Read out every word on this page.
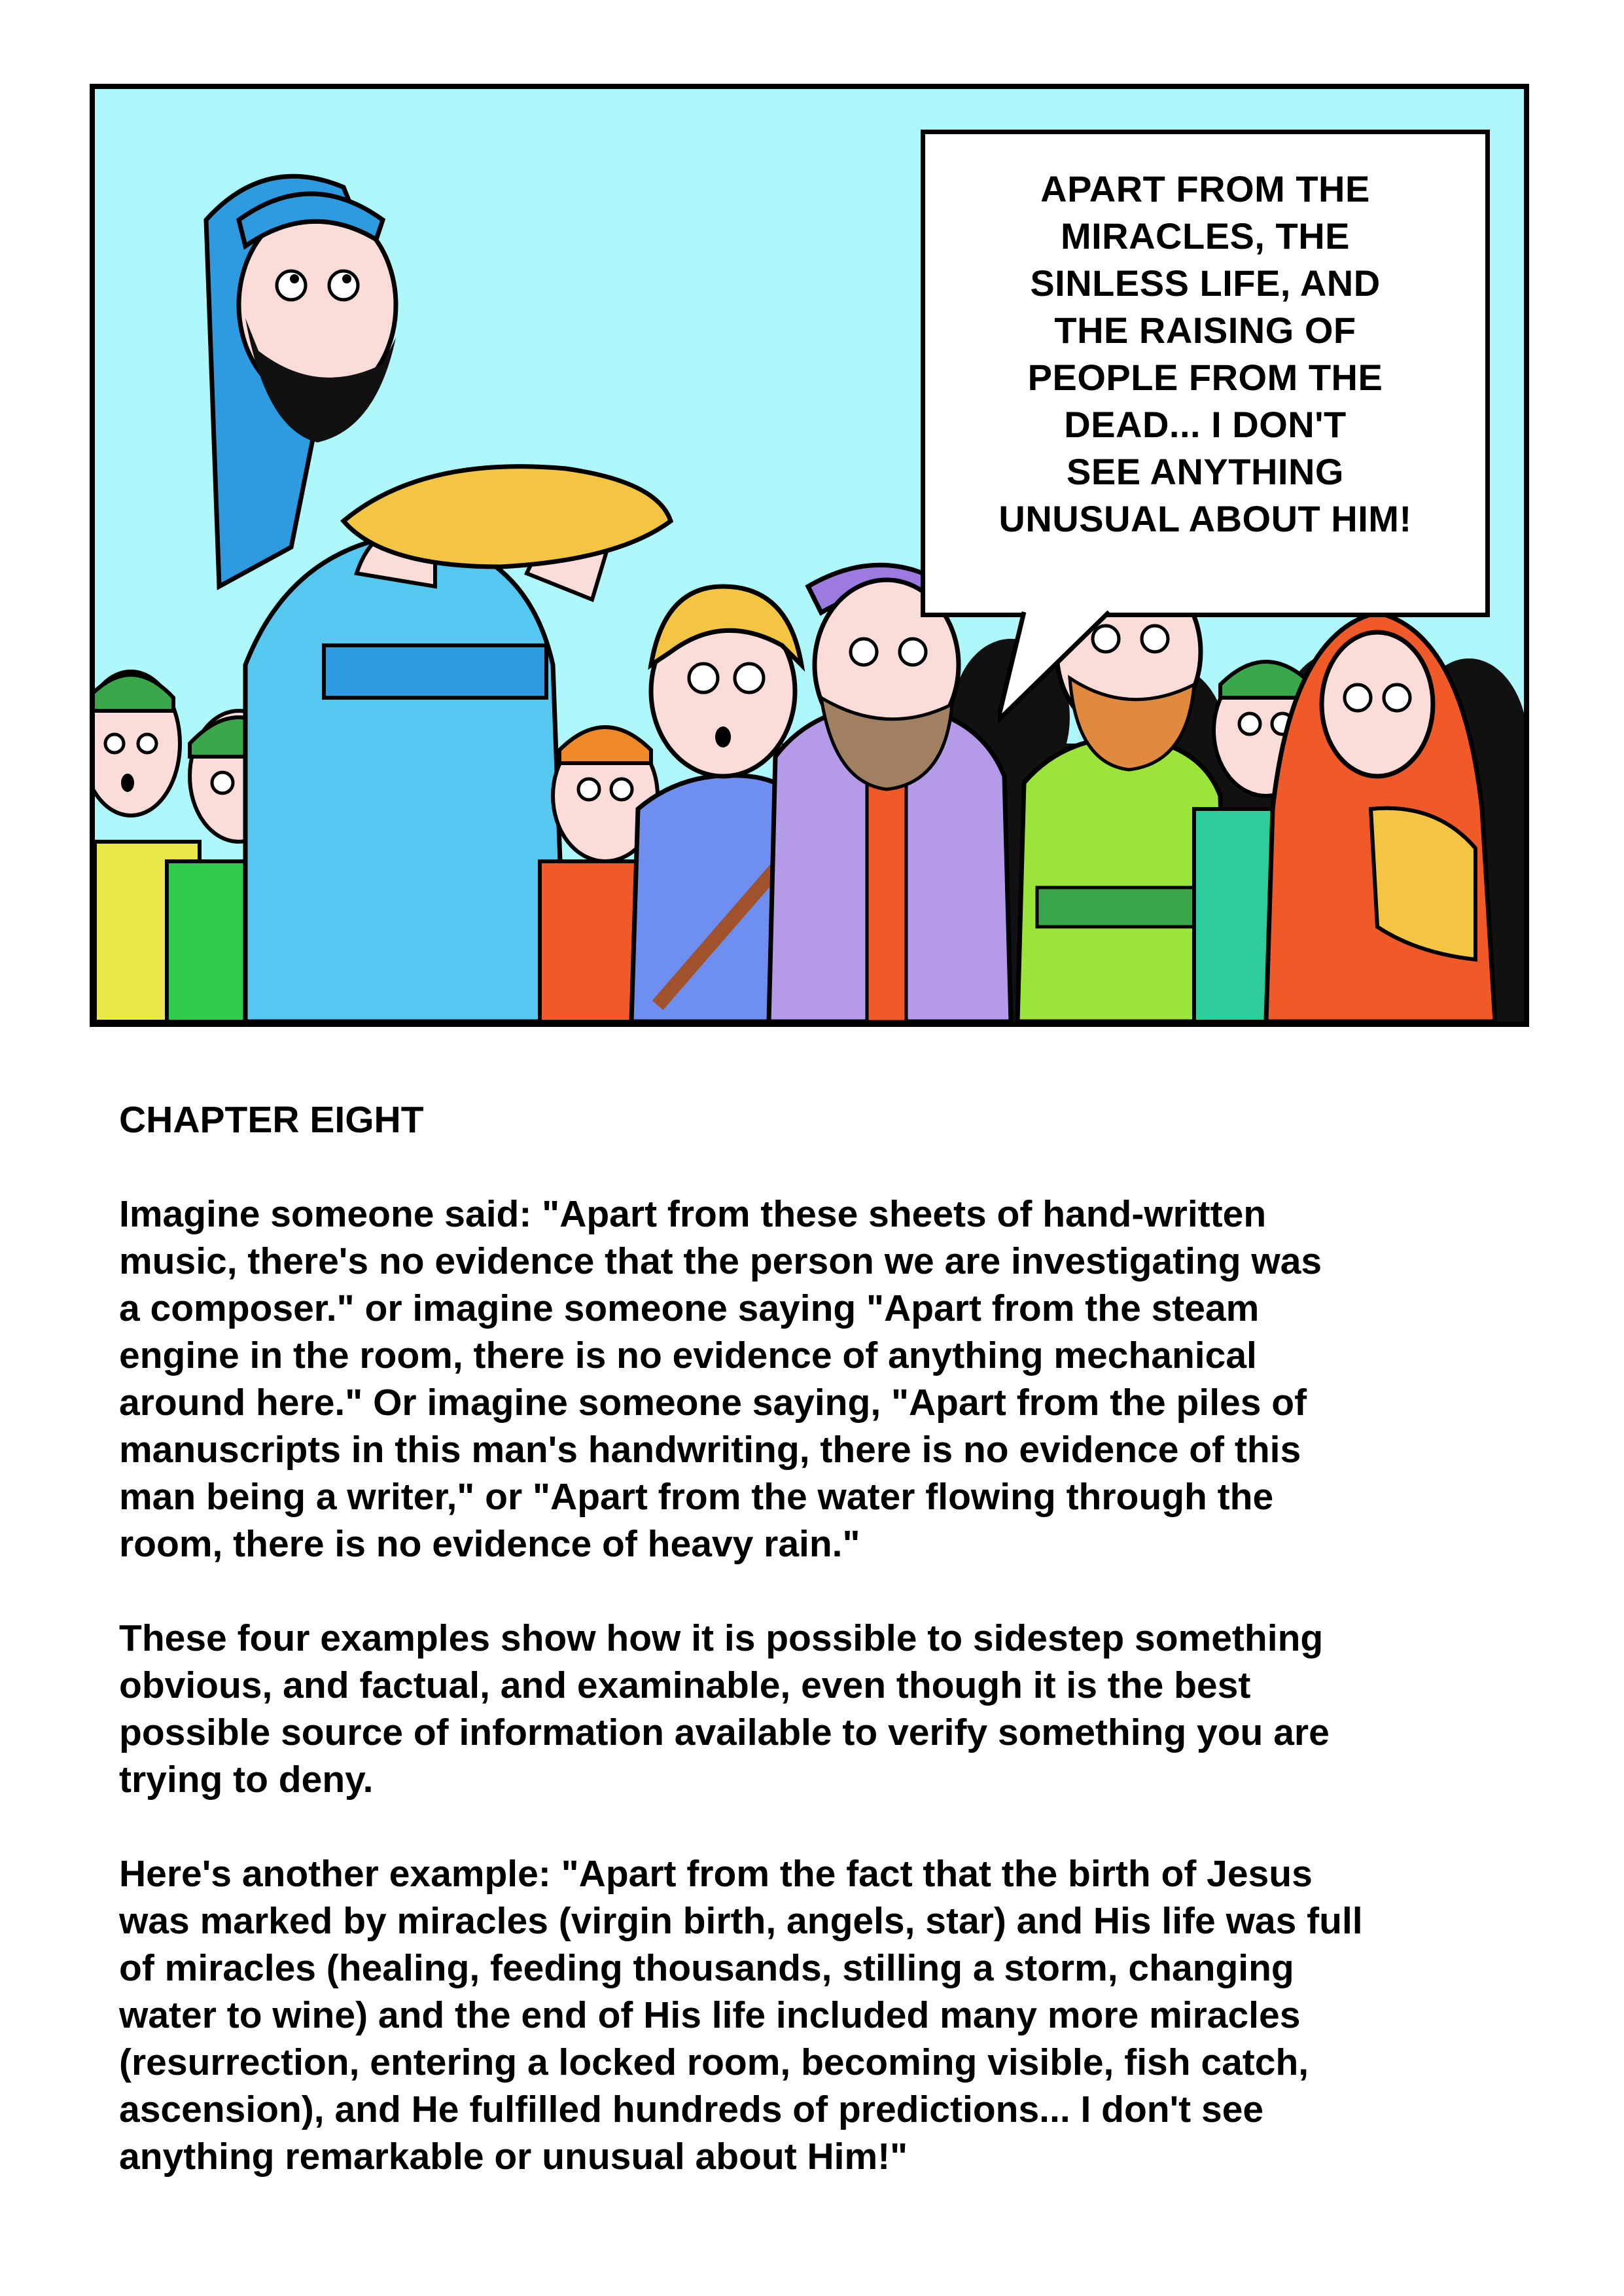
APART FROM THE
MIRACLES, THE
SINLESS LIFE, AND
THE RAISING OF
PEOPLE FROM THE
DEAD... I DON'T
SEE ANYTHING
UNUSUAL ABOUT HIM!
CHAPTER EIGHT
Imagine someone said: "Apart from these sheets of hand-written
music, there's no evidence that the person we are investigating was
a composer." or imagine someone saying "Apart from the steam
engine in the room, there is no evidence of anything mechanical
around here." Or imagine someone saying, "Apart from the piles of
manuscripts in this man's handwriting, there is no evidence of this
man being a writer," or "Apart from the water flowing through the
room, there is no evidence of heavy rain."
These four examples show how it is possible to sidestep something
obvious, and factual, and examinable, even though it is the best
possible source of information available to verify something you are
trying to deny.
Here's another example: "Apart from the fact that the birth of Jesus
was marked by miracles (virgin birth, angels, star) and His life was full
of miracles (healing, feeding thousands, stilling a storm, changing
water to wine) and the end of His life included many more miracles
(resurrection, entering a locked room, becoming visible, fish catch,
ascension), and He fulfilled hundreds of predictions... I don't see
anything remarkable or unusual about Him!"
